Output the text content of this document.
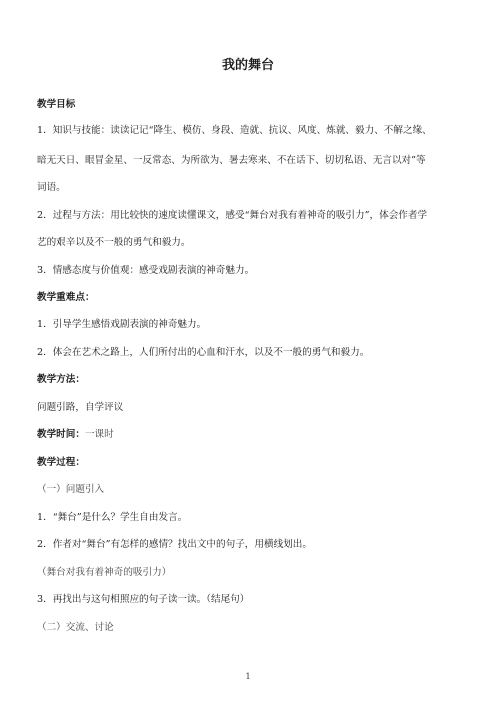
我的舞台
教学目标
1．知识与技能：读读记记“降生、模仿、身段、造就、抗议、风度、炼就、毅力、不解之缘、
暗无天日、眼冒金星、一反常态、为所欲为、暑去寒来、不在话下、切切私语、无言以对”等
词语。
2．过程与方法：用比较快的速度读懂课文，感受“舞台对我有着神奇的吸引力”，体会作者学
艺的艰辛以及不一般的勇气和毅力。
3．情感态度与价值观：感受戏剧表演的神奇魅力。
教学重难点：
1．引导学生感悟戏剧表演的神奇魅力。
2．体会在艺术之路上，人们所付出的心血和汗水，以及不一般的勇气和毅力。
教学方法：
问题引路，自学评议
教学时间：一课时
教学过程：
（一）问题引入
1．“舞台”是什么？学生自由发言。
2．作者对“舞台”有怎样的感情？找出文中的句子，用横线划出。
（舞台对我有着神奇的吸引力）
3．再找出与这句相照应的句子读一读。（结尾句）
（二）交流、讨论
1
